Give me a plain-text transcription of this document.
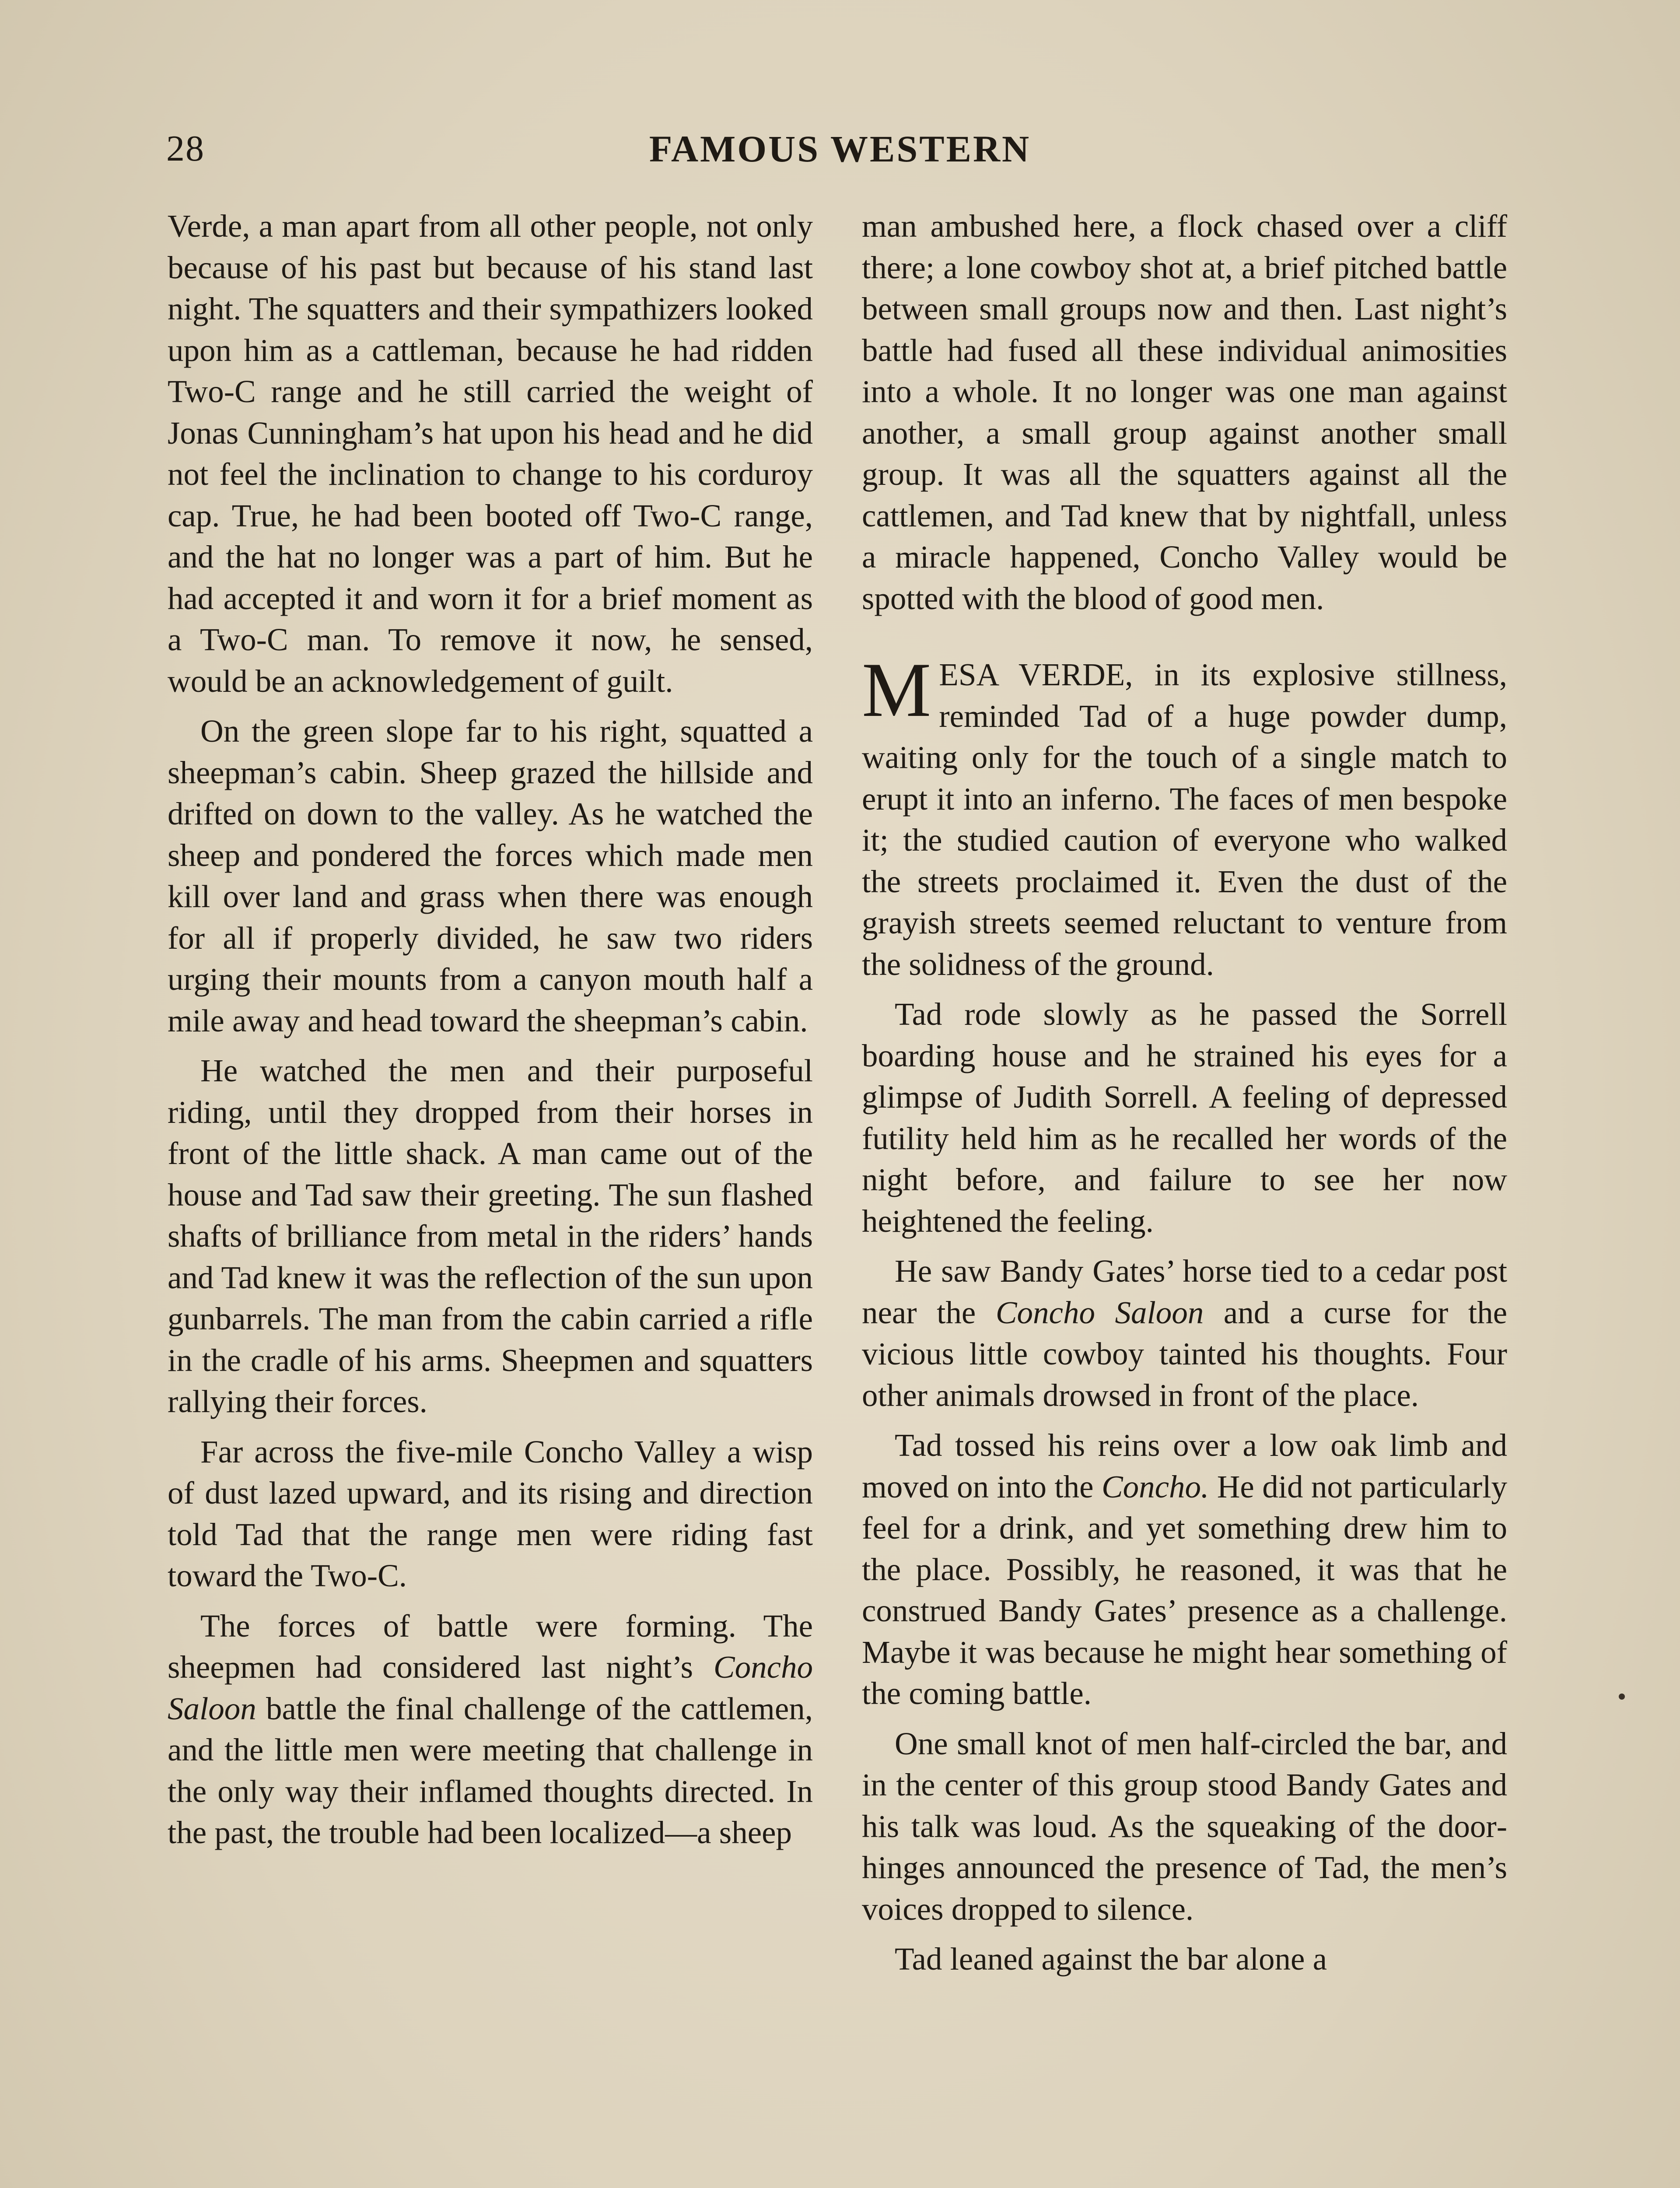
28	FAMOUS WESTERN

Verde, a man apart from all other people, not only because of his past but because of his stand last night. The squatters and their sympathizers looked upon him as a cattleman, because he had ridden Two-C range and he still carried the weight of Jonas Cunningham’s hat upon his head and he did not feel the inclination to change to his corduroy cap. True, he had been booted off Two-C range, and the hat no longer was a part of him. But he had accepted it and worn it for a brief moment as a Two-C man. To remove it now, he sensed, would be an acknowledgement of guilt.

On the green slope far to his right, squatted a sheepman’s cabin. Sheep grazed the hillside and drifted on down to the valley. As he watched the sheep and pondered the forces which made men kill over land and grass when there was enough for all if properly divided, he saw two riders urging their mounts from a canyon mouth half a mile away and head toward the sheepman’s cabin.

He watched the men and their purposeful riding, until they dropped from their horses in front of the little shack. A man came out of the house and Tad saw their greeting. The sun flashed shafts of brilliance from metal in the riders’ hands and Tad knew it was the reflection of the sun upon gunbarrels. The man from the cabin carried a rifle in the cradle of his arms. Sheepmen and squatters rallying their forces.

Far across the five-mile Concho Valley a wisp of dust lazed upward, and its rising and direction told Tad that the range men were riding fast toward the Two-C.

The forces of battle were forming. The sheepmen had considered last night’s Concho Saloon battle the final challenge of the cattlemen, and the little men were meeting that challenge in the only way their inflamed thoughts directed. In the past, the trouble had been localized—a sheep

man ambushed here, a flock chased over a cliff there; a lone cowboy shot at, a brief pitched battle between small groups now and then. Last night’s battle had fused all these individual animosities into a whole. It no longer was one man against another, a small group against another small group. It was all the squatters against all the cattlemen, and Tad knew that by nightfall, unless a miracle happened, Concho Valley would be spotted with the blood of good men.

MESA VERDE, in its explosive stillness, reminded Tad of a huge powder dump, waiting only for the touch of a single match to erupt it into an inferno. The faces of men bespoke it; the studied caution of everyone who walked the streets proclaimed it. Even the dust of the grayish streets seemed reluctant to venture from the solidness of the ground.

Tad rode slowly as he passed the Sorrell boarding house and he strained his eyes for a glimpse of Judith Sorrell. A feeling of depressed futility held him as he recalled her words of the night before, and failure to see her now heightened the feeling.

He saw Bandy Gates’ horse tied to a cedar post near the Concho Saloon and a curse for the vicious little cowboy tainted his thoughts. Four other animals drowsed in front of the place.

Tad tossed his reins over a low oak limb and moved on into the Concho. He did not particularly feel for a drink, and yet something drew him to the place. Possibly, he reasoned, it was that he construed Bandy Gates’ presence as a challenge. Maybe it was because he might hear something of the coming battle.

One small knot of men half-circled the bar, and in the center of this group stood Bandy Gates and his talk was loud. As the squeaking of the doorhinges announced the presence of Tad, the men’s voices dropped to silence.

Tad leaned against the bar alone a
